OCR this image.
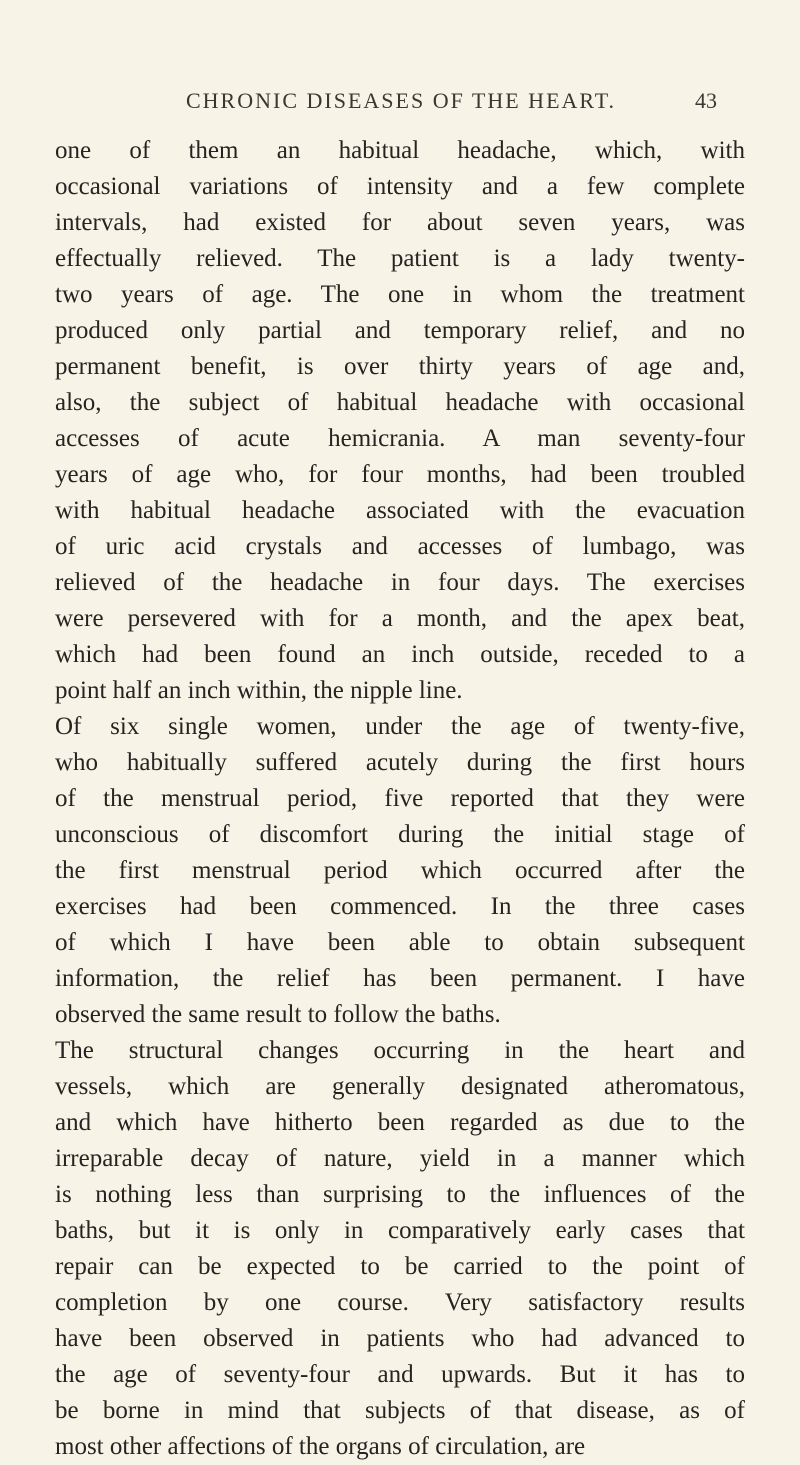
CHRONIC DISEASES OF THE HEART.	43
one of them an habitual headache, which, with
occasional variations of intensity and a few complete
intervals, had existed for about seven years, was
effectually relieved. The patient is a lady twenty-
two years of age. The one in whom the treatment
produced only partial and temporary relief, and no
permanent benefit, is over thirty years of age and,
also, the subject of habitual headache with occasional
accesses of acute hemicrania. A man seventy-four
years of age who, for four months, had been troubled
with habitual headache associated with the evacuation
of uric acid crystals and accesses of lumbago, was
relieved of the headache in four days. The exercises
were persevered with for a month, and the apex beat,
which had been found an inch outside, receded to a
point half an inch within, the nipple line.
Of six single women, under the age of twenty-five,
who habitually suffered acutely during the first hours
of the menstrual period, five reported that they were
unconscious of discomfort during the initial stage of
the first menstrual period which occurred after the
exercises had been commenced. In the three cases
of which I have been able to obtain subsequent
information, the relief has been permanent. I have
observed the same result to follow the baths.
The structural changes occurring in the heart and
vessels, which are generally designated atheromatous,
and which have hitherto been regarded as due to the
irreparable decay of nature, yield in a manner which
is nothing less than surprising to the influences of the
baths, but it is only in comparatively early cases that
repair can be expected to be carried to the point of
completion by one course. Very satisfactory results
have been observed in patients who had advanced to
the age of seventy-four and upwards. But it has to
be borne in mind that subjects of that disease, as of
most other affections of the organs of circulation, are
